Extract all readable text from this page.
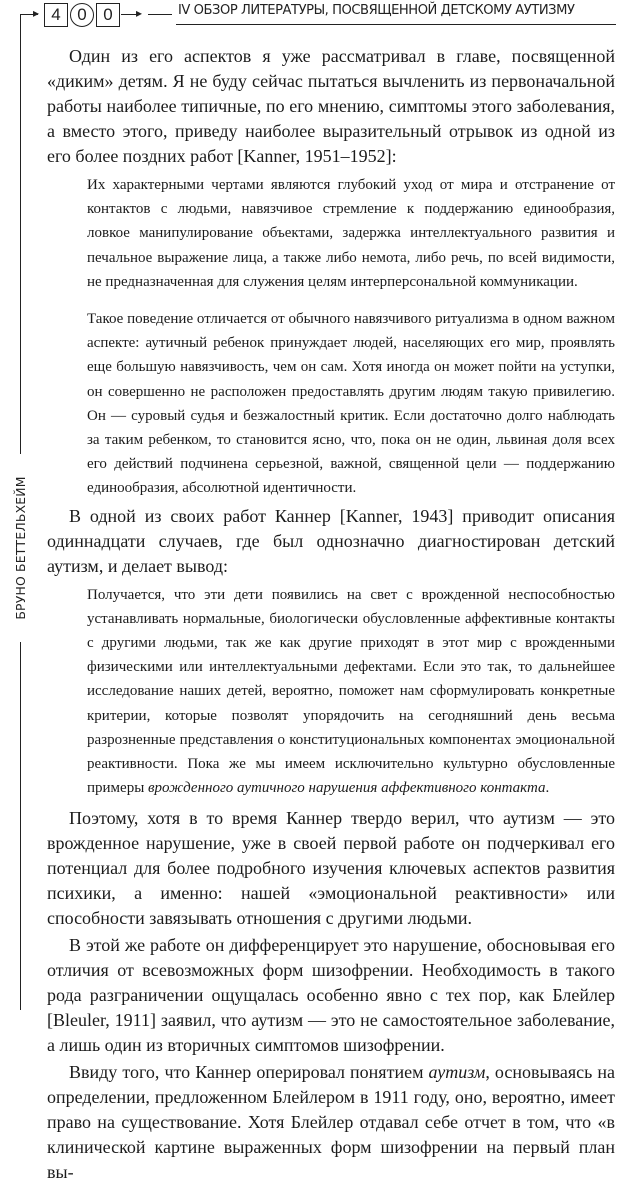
▸ 4 0 0	▸	IV ОБЗОР ЛИТЕРАТУРЫ, ПОСВЯЩЕННОЙ ДЕТСКОМУ АУТИЗМУ
БРУНО БЕТТЕЛЬХЕЙМ

Один из его аспектов я уже рассматривал в главе, посвященной «диким» детям. Я не буду сейчас пытаться вычленить из первоначальной работы наиболее типичные, по его мнению, симптомы этого заболевания, а вместо этого, приведу наиболее выразительный отрывок из одной из его более поздних работ [Kanner, 1951–1952]:

Их характерными чертами являются глубокий уход от мира и отстранение от контактов с людьми, навязчивое стремление к поддержанию единообразия, ловкое манипулирование объектами, задержка интеллектуального развития и печальное выражение лица, а также либо немота, либо речь, по всей видимости, не предназначенная для служения целям интерперсональной коммуникации.

Такое поведение отличается от обычного навязчивого ритуализма в одном важном аспекте: аутичный ребенок принуждает людей, населяющих его мир, проявлять еще большую навязчивость, чем он сам. Хотя иногда он может пойти на уступки, он совершенно не расположен предоставлять другим людям такую привилегию. Он — суровый судья и безжалостный критик. Если достаточно долго наблюдать за таким ребенком, то становится ясно, что, пока он не один, львиная доля всех его действий подчинена серьезной, важной, священной цели — поддержанию единообразия, абсолютной идентичности.

В одной из своих работ Каннер [Kanner, 1943] приводит описания одиннадцати случаев, где был однозначно диагностирован детский аутизм, и делает вывод:

Получается, что эти дети появились на свет с врожденной неспособностью устанавливать нормальные, биологически обусловленные аффективные контакты с другими людьми, так же как другие приходят в этот мир с врожденными физическими или интеллектуальными дефектами. Если это так, то дальнейшее исследование наших детей, вероятно, поможет нам сформулировать конкретные критерии, которые позволят упорядочить на сегодняшний день весьма разрозненные представления о конституциональных компонентах эмоциональной реактивности. Пока же мы имеем исключительно культурно обусловленные примеры врожденного аутичного нарушения аффективного контакта.

Поэтому, хотя в то время Каннер твердо верил, что аутизм — это врожденное нарушение, уже в своей первой работе он подчеркивал его потенциал для более подробного изучения ключевых аспектов развития психики, а именно: нашей «эмоциональной реактивности» или способности завязывать отношения с другими людьми.

В этой же работе он дифференцирует это нарушение, обосновывая его отличия от всевозможных форм шизофрении. Необходимость в такого рода разграничении ощущалась особенно явно с тех пор, как Блейлер [Bleuler, 1911] заявил, что аутизм — это не самостоятельное заболевание, а лишь один из вторичных симптомов шизофрении.

Ввиду того, что Каннер оперировал понятием аутизм, основываясь на определении, предложенном Блейлером в 1911 году, оно, вероятно, имеет право на существование. Хотя Блейлер отдавал себе отчет в том, что «в клинической картине выраженных форм шизофрении на первый план вы-
